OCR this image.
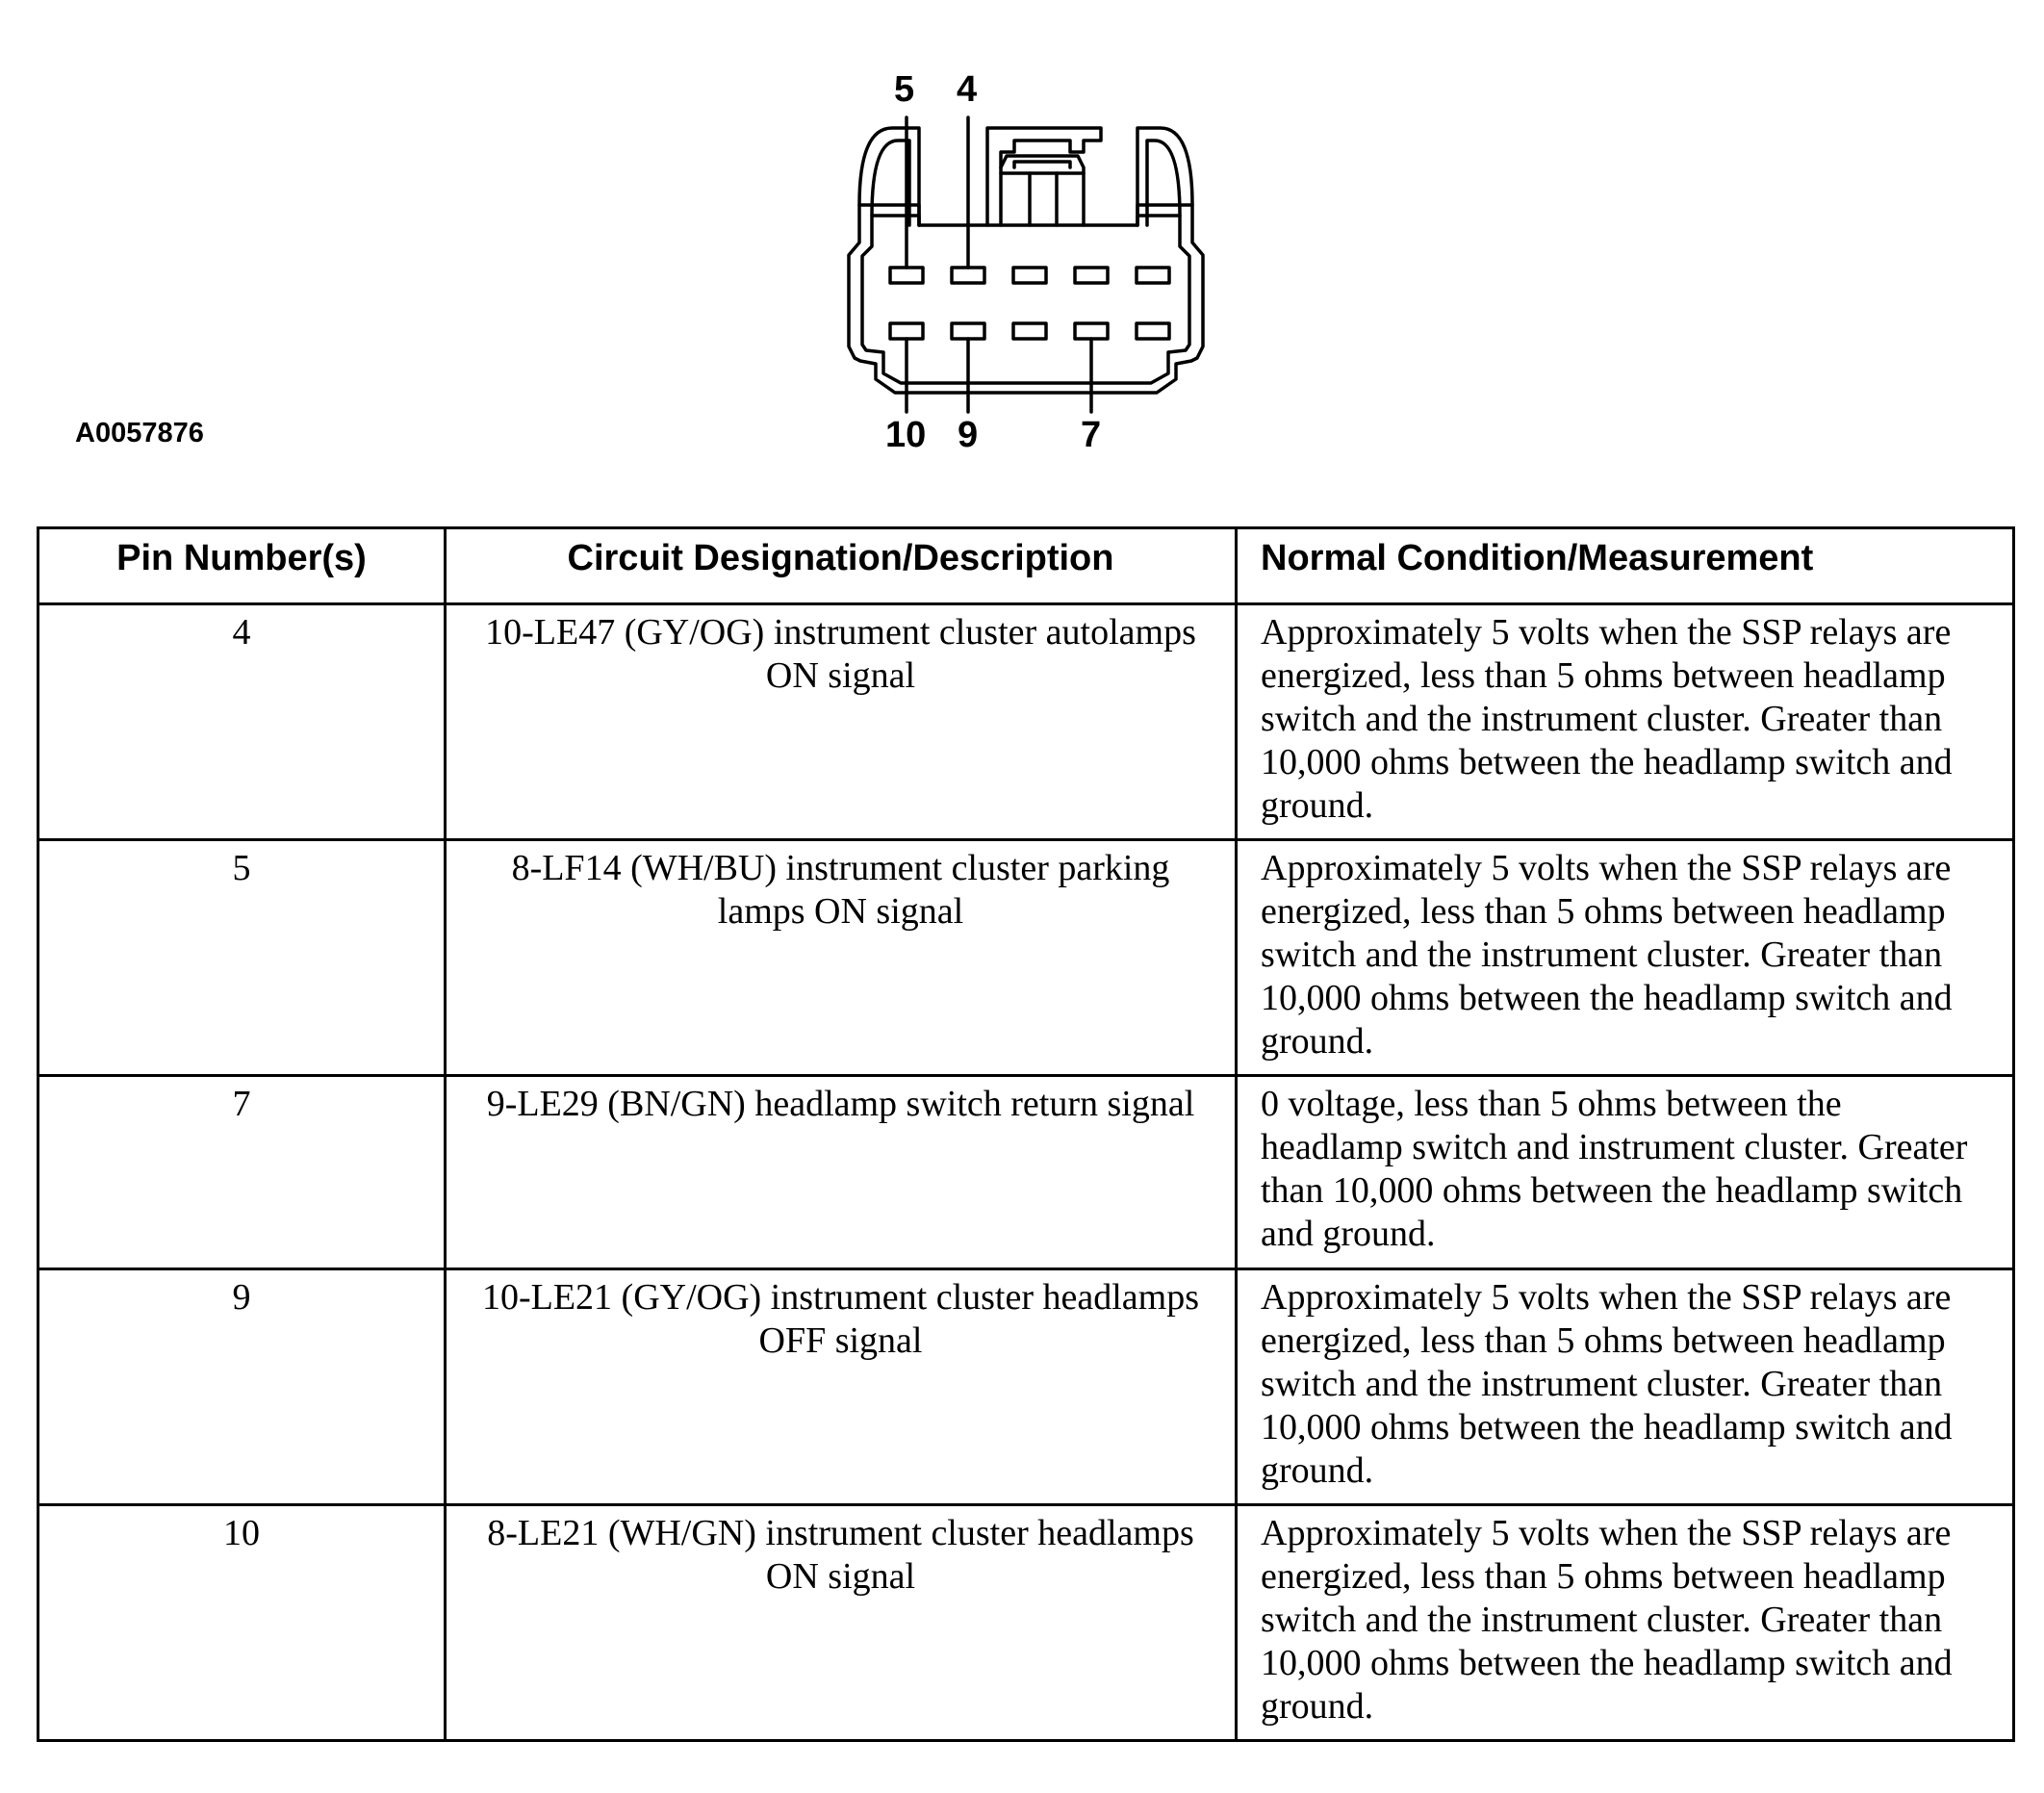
5 4
10 9	7
A0057876
Pin Number(s)	Circuit Designation/Description	Normal Condition/Measurement
4	10-LE47 (GY/OG) instrument cluster autolamps ON signal	Approximately 5 volts when the SSP relays are energized, less than 5 ohms between headlamp switch and the instrument cluster. Greater than 10,000 ohms between the headlamp switch and ground.
5	8-LF14 (WH/BU) instrument cluster parking lamps ON signal	Approximately 5 volts when the SSP relays are energized, less than 5 ohms between headlamp switch and the instrument cluster. Greater than 10,000 ohms between the headlamp switch and ground.
7	9-LE29 (BN/GN) headlamp switch return signal	0 voltage, less than 5 ohms between the headlamp switch and instrument cluster. Greater than 10,000 ohms between the headlamp switch and ground.
9	10-LE21 (GY/OG) instrument cluster headlamps OFF signal	Approximately 5 volts when the SSP relays are energized, less than 5 ohms between headlamp switch and the instrument cluster. Greater than 10,000 ohms between the headlamp switch and ground.
10	8-LE21 (WH/GN) instrument cluster headlamps ON signal	Approximately 5 volts when the SSP relays are energized, less than 5 ohms between headlamp switch and the instrument cluster. Greater than 10,000 ohms between the headlamp switch and ground.
